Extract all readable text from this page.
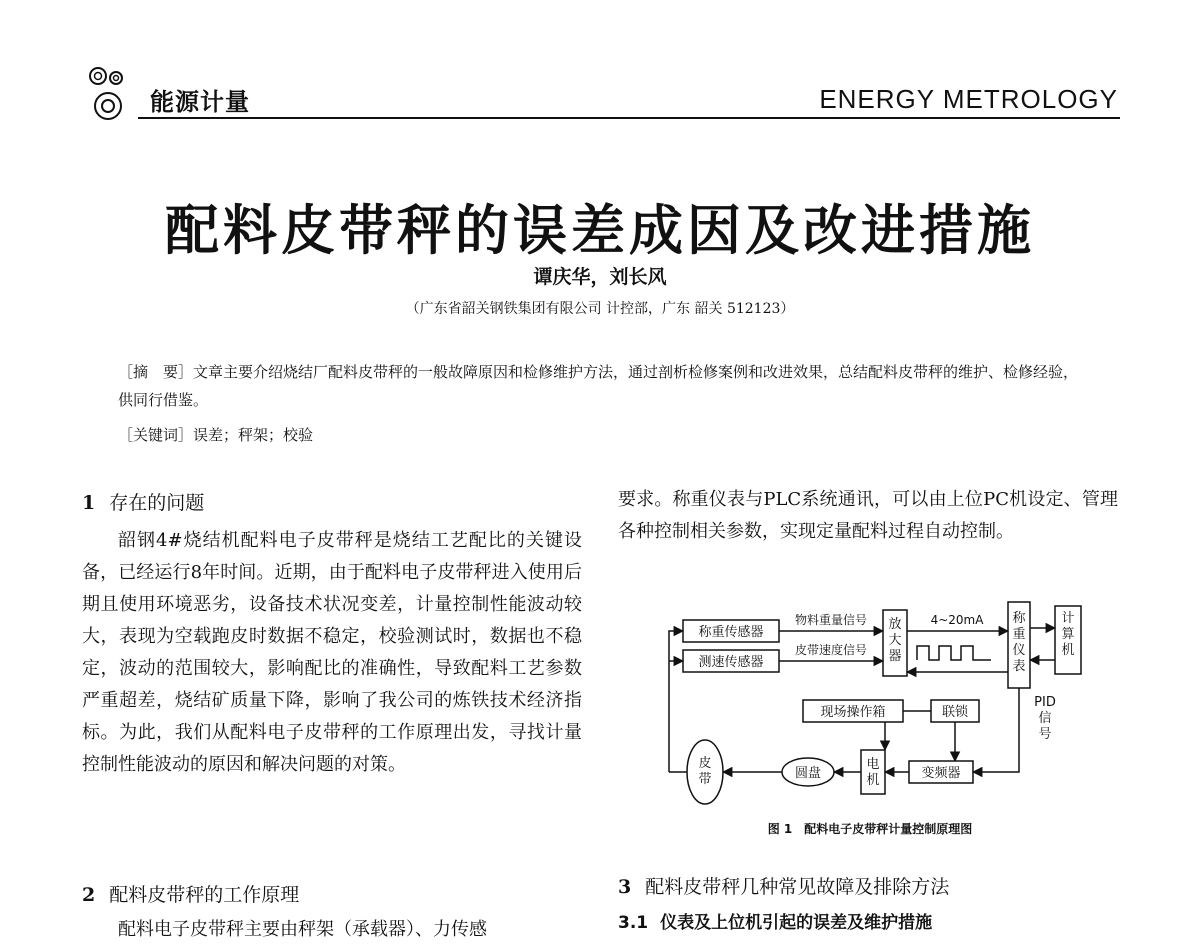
能源计量	ENERGY METROLOGY
配料皮带秤的误差成因及改进措施
谭庆华，刘长风
（广东省韶关钢铁集团有限公司 计控部，广东 韶关 512123）
［摘　要］文章主要介绍烧结厂配料皮带秤的一般故障原因和检修维护方法，通过剖析检修案例和改进效果，总结配料皮带秤的维护、检修经验，供同行借鉴。
［关键词］误差；秤架；校验
1 存在的问题
韶钢4#烧结机配料电子皮带秤是烧结工艺配比的关键设备，已经运行8年时间。近期，由于配料电子皮带秤进入使用后期且使用环境恶劣，设备技术状况变差，计量控制性能波动较大，表现为空载跑皮时数据不稳定，校验测试时，数据也不稳定，波动的范围较大，影响配比的准确性，导致配料工艺参数严重超差，烧结矿质量下降，影响了我公司的炼铁技术经济指标。为此，我们从配料电子皮带秤的工作原理出发，寻找计量控制性能波动的原因和解决问题的对策。
2 配料皮带秤的工作原理
配料电子皮带秤主要由秤架（承载器）、力传感
要求。称重仪表与PLC系统通讯，可以由上位PC机设定、管理各种控制相关参数，实现定量配料过程自动控制。
称重传感器
测速传感器
物料重量信号
皮带速度信号
4~20mA
现场操作箱	联锁
圆盘	变频器
放大器
称重仪表
计算机
PID 信号
皮带
电机
图 1　配料电子皮带秤计量控制原理图
3 配料皮带秤几种常见故障及排除方法
3.1 仪表及上位机引起的误差及维护措施
